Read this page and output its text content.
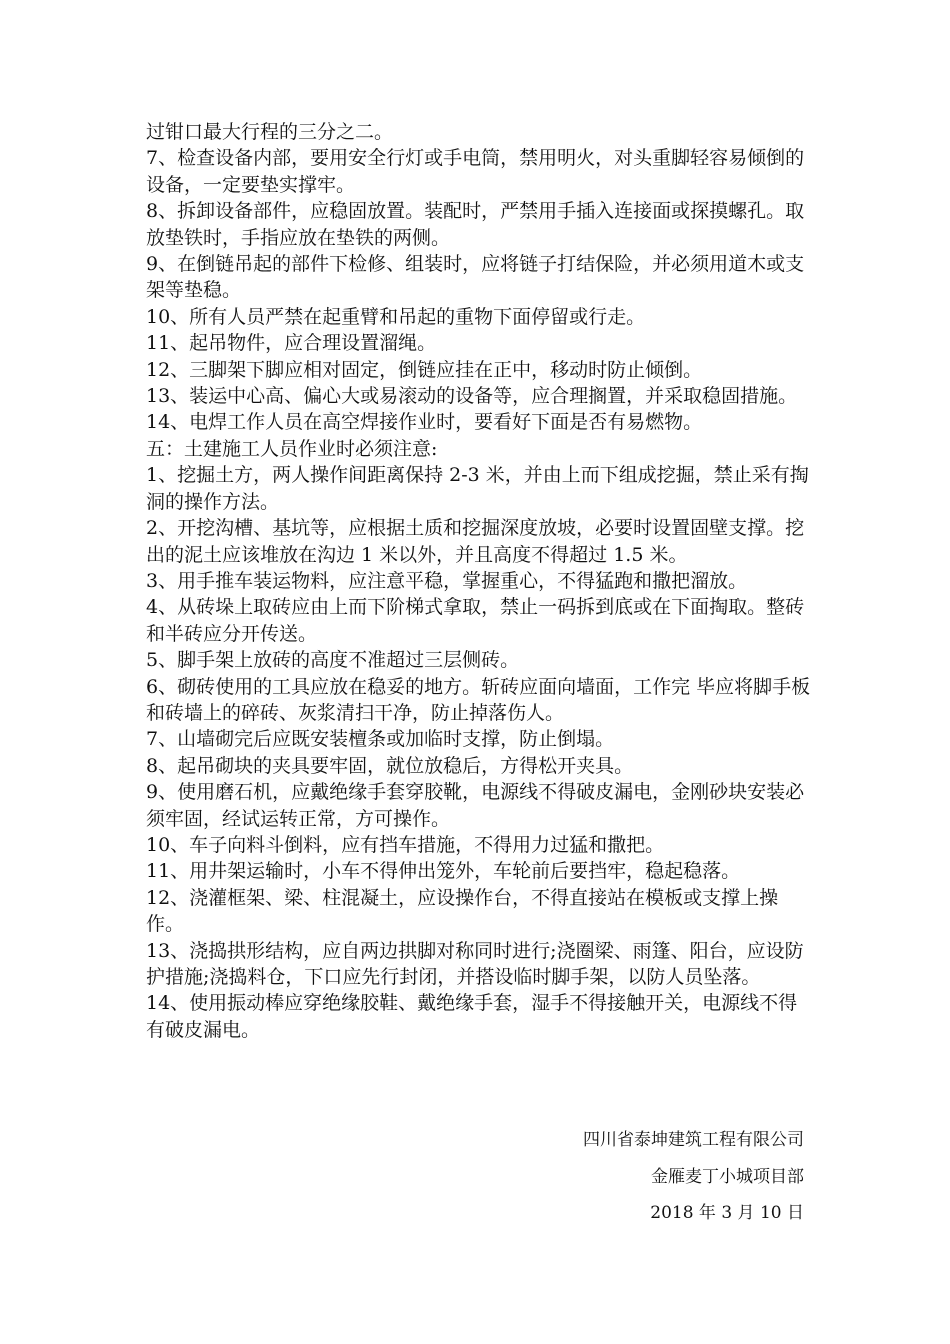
过钳口最大行程的三分之二。

7、检查设备内部，要用安全行灯或手电筒，禁用明火，对头重脚轻容易倾倒的设备，一定要垫实撑牢。

8、拆卸设备部件，应稳固放置。装配时，严禁用手插入连接面或探摸螺孔。取放垫铁时，手指应放在垫铁的两侧。

9、在倒链吊起的部件下检修、组装时，应将链子打结保险，并必须用道木或支架等垫稳。

10、所有人员严禁在起重臂和吊起的重物下面停留或行走。

11、起吊物件，应合理设置溜绳。

12、三脚架下脚应相对固定，倒链应挂在正中，移动时防止倾倒。

13、装运中心高、偏心大或易滚动的设备等，应合理搁置，并采取稳固措施。

14、电焊工作人员在高空焊接作业时，要看好下面是否有易燃物。

五：土建施工人员作业时必须注意:

1、挖掘土方，两人操作间距离保持 2-3 米，并由上而下组成挖掘，禁止采有掏洞的操作方法。

2、开挖沟槽、基坑等，应根据土质和挖掘深度放坡，必要时设置固壁支撑。挖出的泥土应该堆放在沟边 1 米以外，并且高度不得超过 1.5 米。

3、用手推车装运物料，应注意平稳，掌握重心，不得猛跑和撒把溜放。

4、从砖垛上取砖应由上而下阶梯式拿取，禁止一码拆到底或在下面掏取。整砖和半砖应分开传送。

5、脚手架上放砖的高度不准超过三层侧砖。

6、砌砖使用的工具应放在稳妥的地方。斩砖应面向墙面，工作完 毕应将脚手板和砖墙上的碎砖、灰浆清扫干净，防止掉落伤人。

7、山墙砌完后应既安装檀条或加临时支撑，防止倒塌。

8、起吊砌块的夹具要牢固，就位放稳后，方得松开夹具。

9、使用磨石机，应戴绝缘手套穿胶靴，电源线不得破皮漏电，金刚砂块安装必须牢固，经试运转正常，方可操作。

10、车子向料斗倒料，应有挡车措施，不得用力过猛和撒把。

11、用井架运输时，小车不得伸出笼外，车轮前后要挡牢，稳起稳落。

12、浇灌框架、梁、柱混凝土，应设操作台，不得直接站在模板或支撑上操作。

13、浇捣拱形结构，应自两边拱脚对称同时进行;浇圈梁、雨篷、阳台，应设防护措施;浇捣料仓，下口应先行封闭，并搭设临时脚手架，以防人员坠落。

14、使用振动棒应穿绝缘胶鞋、戴绝缘手套，湿手不得接触开关，电源线不得有破皮漏电。

四川省泰坤建筑工程有限公司
金雁麦丁小城项目部
2018 年 3 月 10 日
